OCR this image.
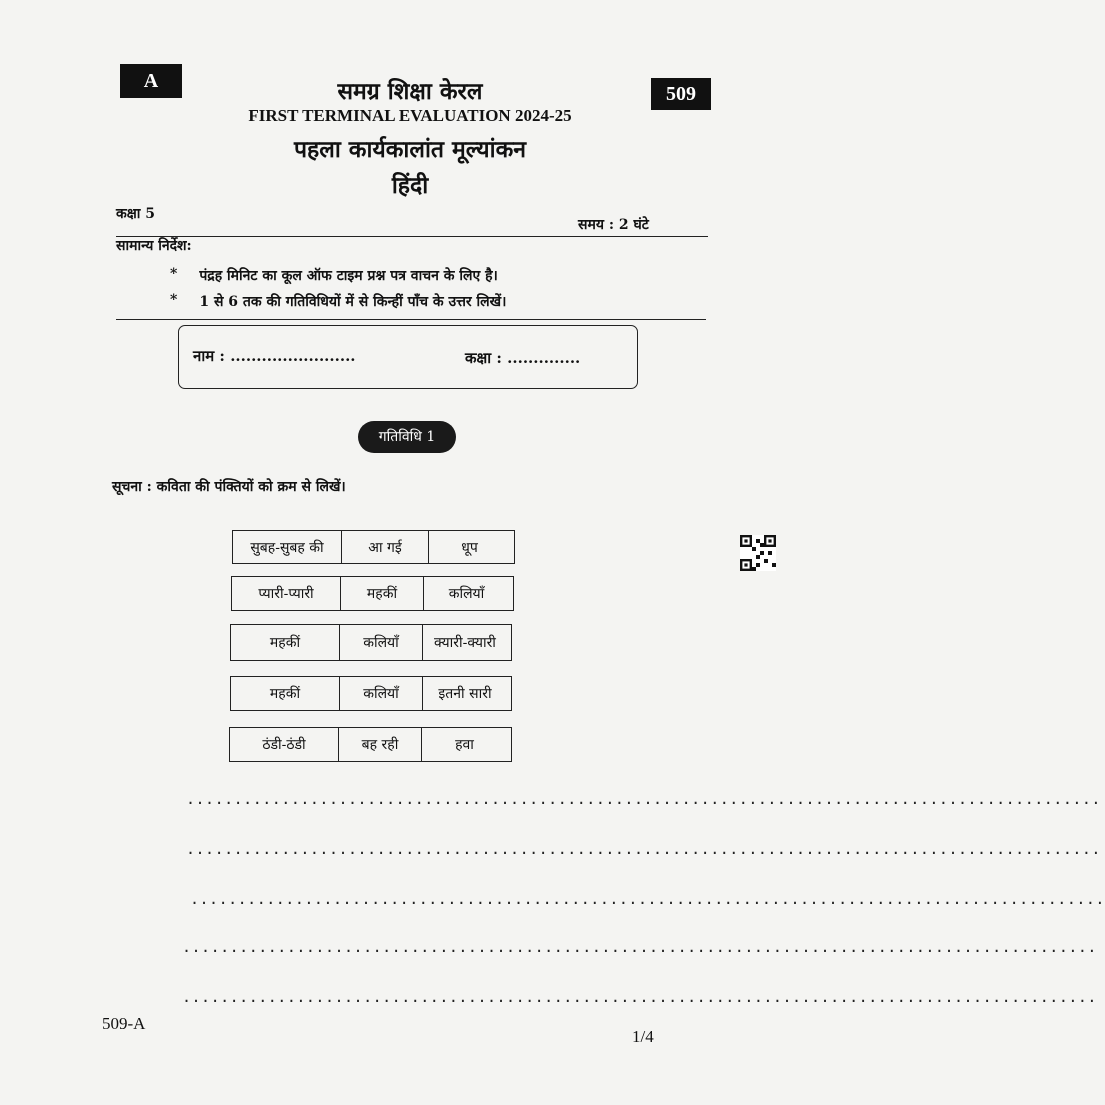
A
509
समग्र शिक्षा केरल
FIRST TERMINAL EVALUATION 2024-25
पहला कार्यकालांत मूल्यांकन
हिंदी
कक्षा 5
समय : 2 घंटे
सामान्य निर्देश:
* पंद्रह मिनिट का कूल ऑफ टाइम प्रश्न पत्र वाचन के लिए है।
* 1 से 6 तक की गतिविधियों में से किन्हीं पाँच के उत्तर लिखें।
नाम : ........................	कक्षा : ..............
गतिविधि 1
सूचना : कविता की पंक्तियों को क्रम से लिखें।
सुबह-सुबह की	आ गई	धूप
प्यारी-प्यारी	महकीं	कलियाँ
महकीं	कलियाँ	क्यारी-क्यारी
महकीं	कलियाँ	इतनी सारी
ठंडी-ठंडी	बह रही	हवा
................................................................................................
................................................................................................
................................................................................................
................................................................................................
................................................................................................
509-A
1/4
